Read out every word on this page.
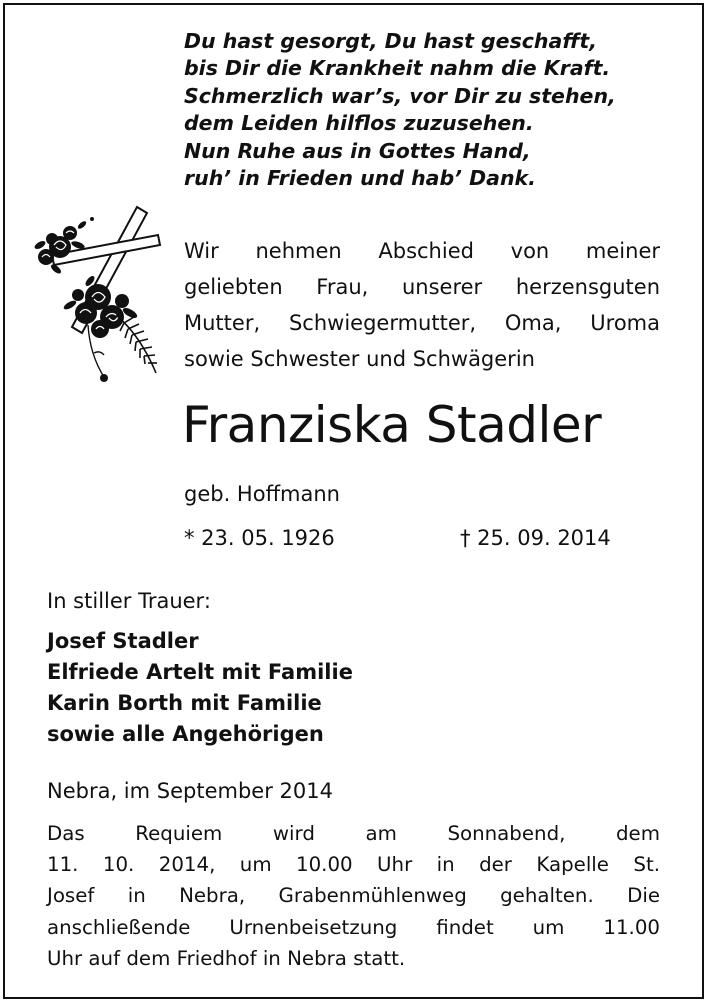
Du hast gesorgt, Du hast geschafft,
bis Dir die Krankheit nahm die Kraft.
Schmerzlich war’s, vor Dir zu stehen,
dem Leiden hilflos zuzusehen.
Nun Ruhe aus in Gottes Hand,
ruh’ in Frieden und hab’ Dank.
Wir nehmen Abschied von meiner
geliebten Frau, unserer herzensguten
Mutter, Schwiegermutter, Oma, Uroma
sowie Schwester und Schwägerin
Franziska Stadler
geb. Hoffmann
* 23. 05. 1926	† 25. 09. 2014
In stiller Trauer:
Josef Stadler
Elfriede Artelt mit Familie
Karin Borth mit Familie
sowie alle Angehörigen
Nebra, im September 2014
Das Requiem wird am Sonnabend, dem
11. 10. 2014, um 10.00 Uhr in der Kapelle St.
Josef in Nebra, Grabenmühlenweg gehalten. Die
anschließende Urnenbeisetzung findet um 11.00
Uhr auf dem Friedhof in Nebra statt.
